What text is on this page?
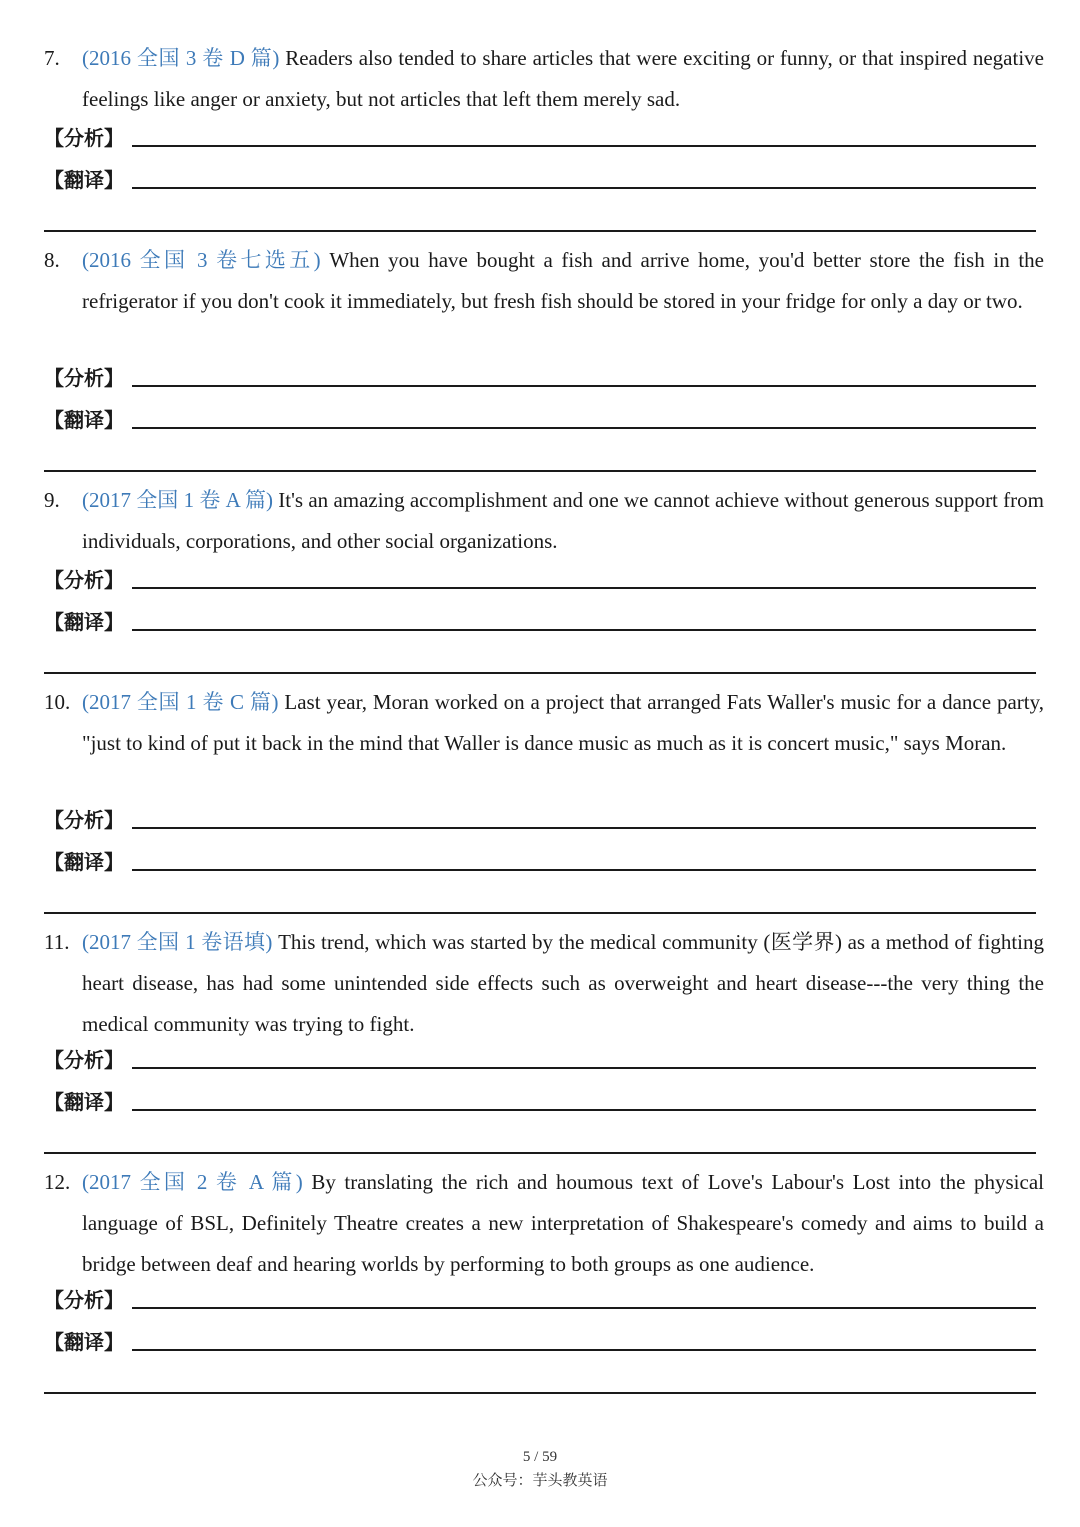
7. (2016 全国 3 卷 D 篇) Readers also tended to share articles that were exciting or funny, or that inspired negative feelings like anger or anxiety, but not articles that left them merely sad.
【分析】
【翻译】
8. (2016 全国 3 卷七选五) When you have bought a fish and arrive home, you'd better store the fish in the refrigerator if you don't cook it immediately, but fresh fish should be stored in your fridge for only a day or two.
【分析】
【翻译】
9. (2017 全国 1 卷 A 篇) It's an amazing accomplishment and one we cannot achieve without generous support from individuals, corporations, and other social organizations.
【分析】
【翻译】
10. (2017 全国 1 卷 C 篇) Last year, Moran worked on a project that arranged Fats Waller's music for a dance party, "just to kind of put it back in the mind that Waller is dance music as much as it is concert music," says Moran.
【分析】
【翻译】
11. (2017 全国 1 卷语填) This trend, which was started by the medical community (医学界) as a method of fighting heart disease, has had some unintended side effects such as overweight and heart disease---the very thing the medical community was trying to fight.
【分析】
【翻译】
12. (2017 全国 2 卷 A 篇) By translating the rich and houmous text of Love's Labour's Lost into the physical language of BSL, Definitely Theatre creates a new interpretation of Shakespeare's comedy and aims to build a bridge between deaf and hearing worlds by performing to both groups as one audience.
【分析】
【翻译】
5 / 59
公众号：芋头教英语
